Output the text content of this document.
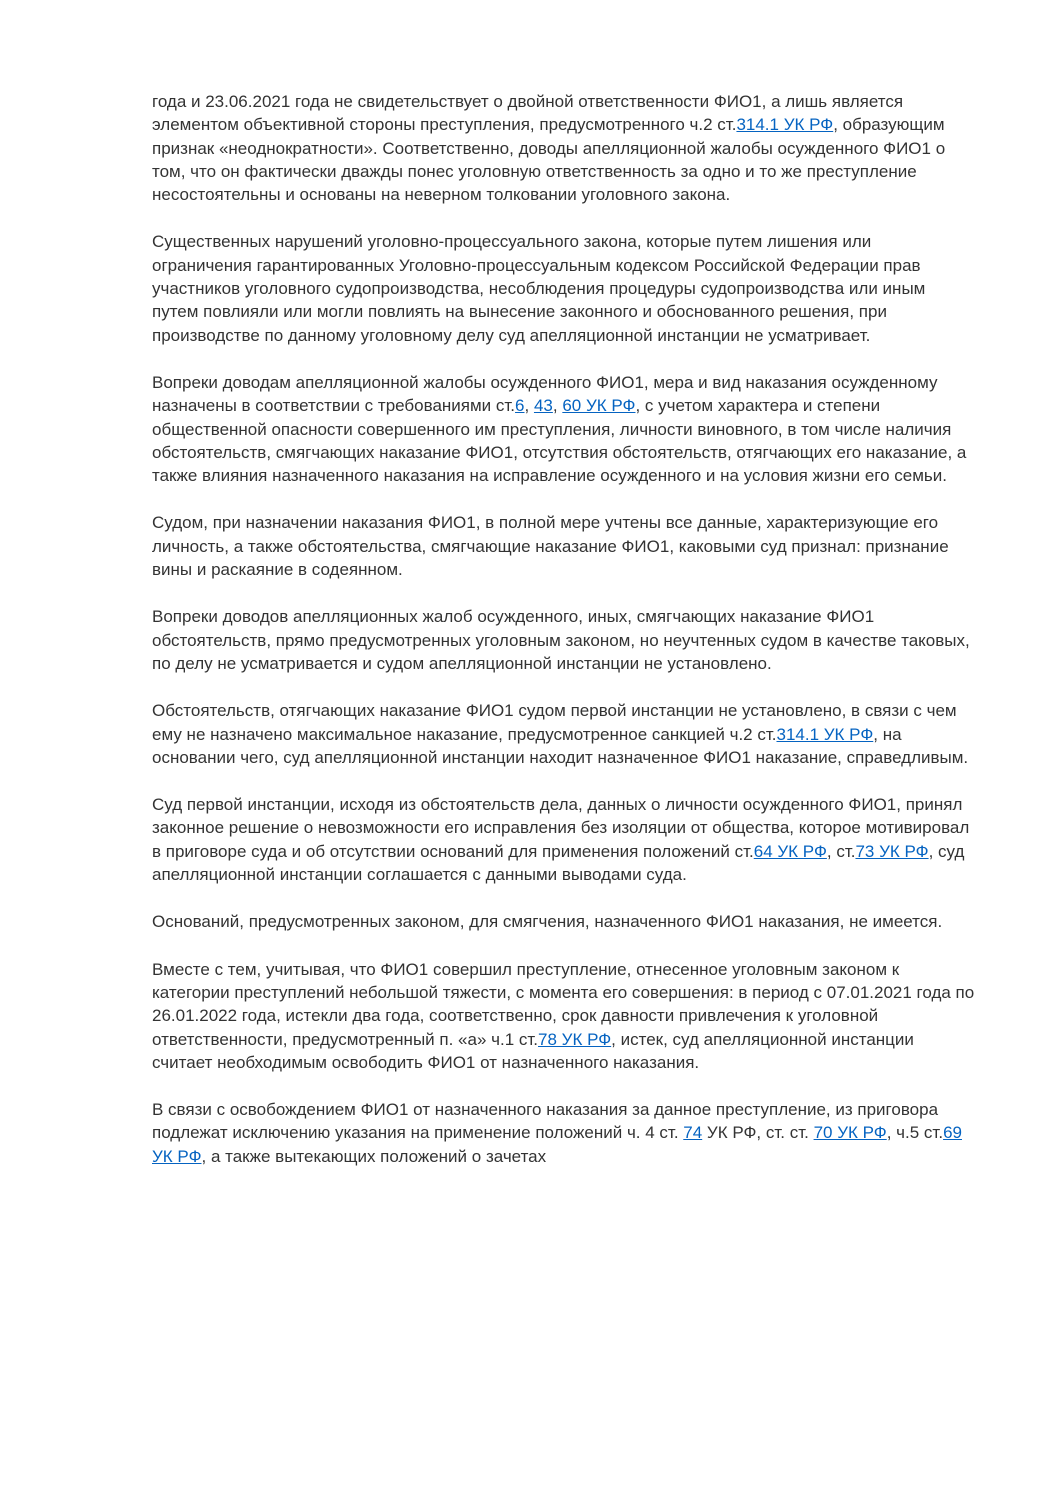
года и 23.06.2021 года не свидетельствует о двойной ответственности ФИО1, а лишь является элементом объективной стороны преступления, предусмотренного ч.2 ст.314.1 УК РФ, образующим признак «неоднократности». Соответственно, доводы апелляционной жалобы осужденного ФИО1 о том, что он фактически дважды понес уголовную ответственность за одно и то же преступление несостоятельны и основаны на неверном толковании уголовного закона.

Существенных нарушений уголовно-процессуального закона, которые путем лишения или ограничения гарантированных Уголовно-процессуальным кодексом Российской Федерации прав участников уголовного судопроизводства, несоблюдения процедуры судопроизводства или иным путем повлияли или могли повлиять на вынесение законного и обоснованного решения, при производстве по данному уголовному делу суд апелляционной инстанции не усматривает.

Вопреки доводам апелляционной жалобы осужденного ФИО1, мера и вид наказания осужденному назначены в соответствии с требованиями ст.6, 43, 60 УК РФ, с учетом характера и степени общественной опасности совершенного им преступления, личности виновного, в том числе наличия обстоятельств, смягчающих наказание ФИО1, отсутствия обстоятельств, отягчающих его наказание, а также влияния назначенного наказания на исправление осужденного и на условия жизни его семьи.

Судом, при назначении наказания ФИО1, в полной мере учтены все данные, характеризующие его личность, а также обстоятельства, смягчающие наказание ФИО1, каковыми суд признал: признание вины и раскаяние в содеянном.

Вопреки доводов апелляционных жалоб осужденного, иных, смягчающих наказание ФИО1 обстоятельств, прямо предусмотренных уголовным законом, но неучтенных судом в качестве таковых, по делу не усматривается и судом апелляционной инстанции не установлено.

Обстоятельств, отягчающих наказание ФИО1 судом первой инстанции не установлено, в связи с чем ему не назначено максимальное наказание, предусмотренное санкцией ч.2 ст.314.1 УК РФ, на основании чего, суд апелляционной инстанции находит назначенное ФИО1 наказание, справедливым.

Суд первой инстанции, исходя из обстоятельств дела, данных о личности осужденного ФИО1, принял законное решение о невозможности его исправления без изоляции от общества, которое мотивировал в приговоре суда и об отсутствии оснований для применения положений ст.64 УК РФ, ст.73 УК РФ, суд апелляционной инстанции соглашается с данными выводами суда.

Оснований, предусмотренных законом, для смягчения, назначенного ФИО1 наказания, не имеется.

Вместе с тем, учитывая, что ФИО1 совершил преступление, отнесенное уголовным законом к категории преступлений небольшой тяжести, с момента его совершения: в период с 07.01.2021 года по 26.01.2022 года, истекли два года, соответственно, срок давности привлечения к уголовной ответственности, предусмотренный п. «а» ч.1 ст.78 УК РФ, истек, суд апелляционной инстанции считает необходимым освободить ФИО1 от назначенного наказания.

В связи с освобождением ФИО1 от назначенного наказания за данное преступление, из приговора подлежат исключению указания на применение положений ч. 4 ст. 74 УК РФ, ст. ст. 70 УК РФ, ч.5 ст.69 УК РФ, а также вытекающих положений о зачетах
